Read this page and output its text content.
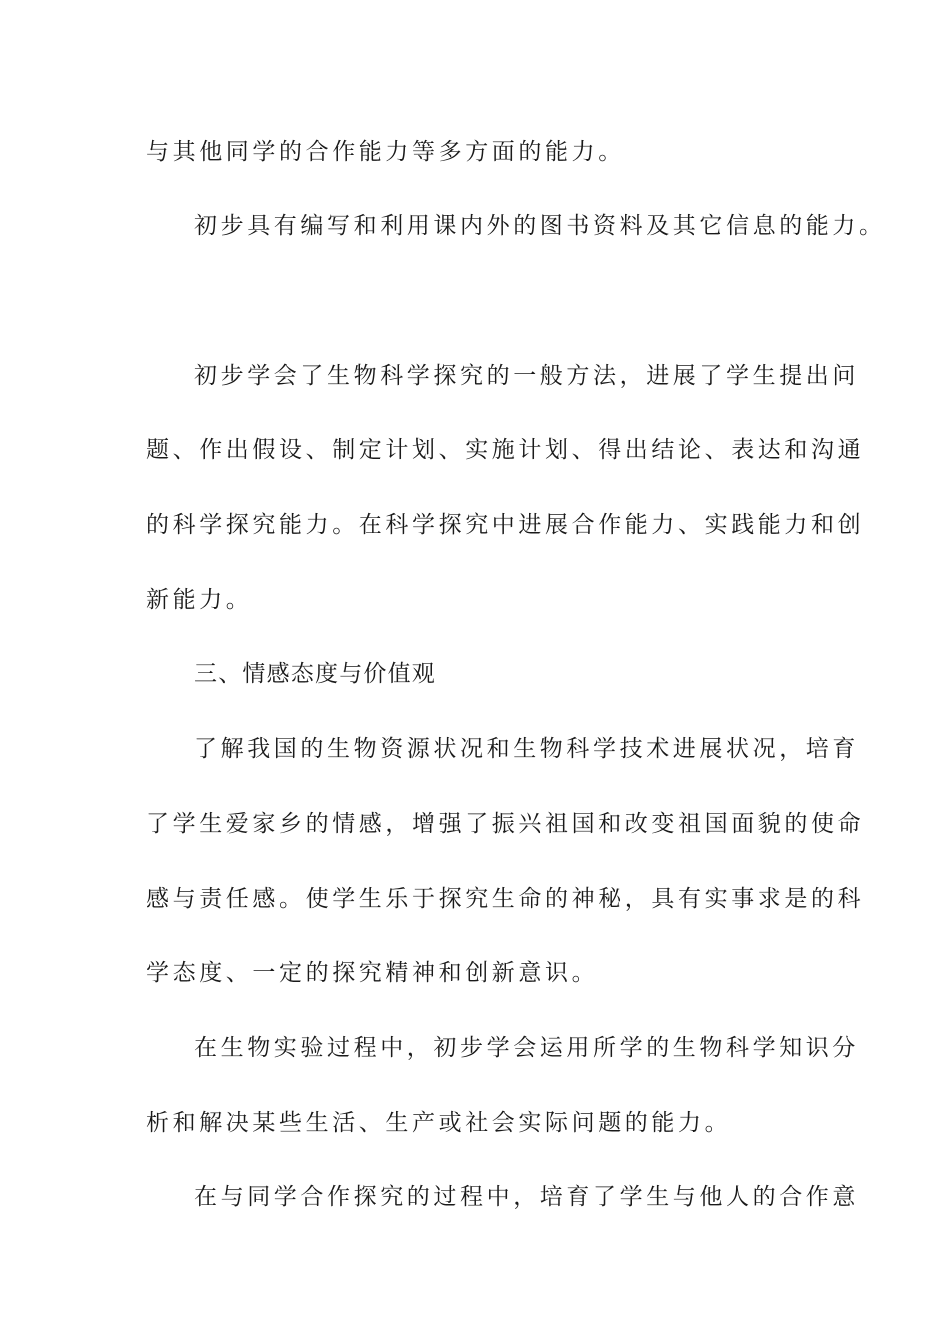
与其他同学的合作能力等多方面的能力。
初步具有编写和利用课内外的图书资料及其它信息的能力。
初步学会了生物科学探究的一般方法，进展了学生提出问
题、作出假设、制定计划、实施计划、得出结论、表达和沟通
的科学探究能力。在科学探究中进展合作能力、实践能力和创
新能力。
三、情感态度与价值观
了解我国的生物资源状况和生物科学技术进展状况，培育
了学生爱家乡的情感，增强了振兴祖国和改变祖国面貌的使命
感与责任感。使学生乐于探究生命的神秘，具有实事求是的科
学态度、一定的探究精神和创新意识。
在生物实验过程中，初步学会运用所学的生物科学知识分
析和解决某些生活、生产或社会实际问题的能力。
在与同学合作探究的过程中，培育了学生与他人的合作意
